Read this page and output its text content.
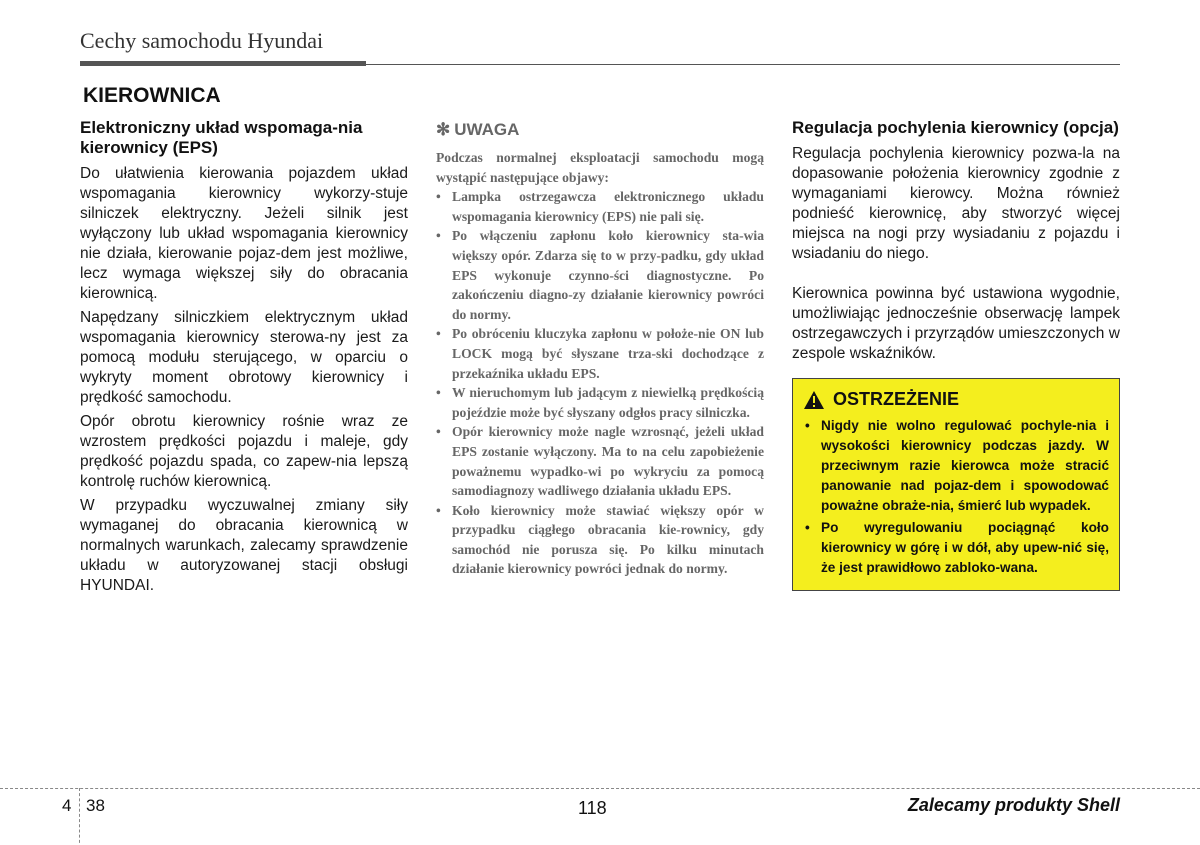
Cechy samochodu Hyundai
KIEROWNICA
Elektroniczny układ wspomaga-nia kierownicy (EPS)

Do ułatwienia kierowania pojazdem układ wspomagania kierownicy wykorzy-stuje silniczek elektryczny. Jeżeli silnik jest wyłączony lub układ wspomagania kierownicy nie działa, kierowanie pojaz-dem jest możliwe, lecz wymaga większej siły do obracania kierownicą.

Napędzany silniczkiem elektrycznym układ wspomagania kierownicy sterowa-ny jest za pomocą modułu sterującego, w oparciu o wykryty moment obrotowy kierownicy i prędkość samochodu.

Opór obrotu kierownicy rośnie wraz ze wzrostem prędkości pojazdu i maleje, gdy prędkość pojazdu spada, co zapew-nia lepszą kontrolę ruchów kierownicą.

W przypadku wyczuwalnej zmiany siły wymaganej do obracania kierownicą w normalnych warunkach, zalecamy sprawdzenie układu w autoryzowanej stacji obsługi HYUNDAI.

✻ UWAGA

Podczas normalnej eksploatacji samochodu mogą wystąpić następujące objawy:

• Lampka ostrzegawcza elektronicznego układu wspomagania kierownicy (EPS) nie pali się.
• Po włączeniu zapłonu koło kierownicy sta-wia większy opór. Zdarza się to w przy-padku, gdy układ EPS wykonuje czynno-ści diagnostyczne. Po zakończeniu diagno-zy działanie kierownicy powróci do normy.
• Po obróceniu kluczyka zapłonu w położe-nie ON lub LOCK mogą być słyszane trza-ski dochodzące z przekaźnika układu EPS.
• W nieruchomym lub jadącym z niewielką prędkością pojeździe może być słyszany odgłos pracy silniczka.
• Opór kierownicy może nagle wzrosnąć, jeżeli układ EPS zostanie wyłączony. Ma to na celu zapobieżenie poważnemu wypadko-wi po wykryciu za pomocą samodiagnozy wadliwego działania układu EPS.
• Koło kierownicy może stawiać większy opór w przypadku ciągłego obracania kie-rownicy, gdy samochód nie porusza się. Po kilku minutach działanie kierownicy powróci jednak do normy.
Regulacja pochylenia kierownicy (opcja)

Regulacja pochylenia kierownicy pozwa-la na dopasowanie położenia kierownicy zgodnie z wymaganiami kierowcy. Można również podnieść kierownicę, aby stworzyć więcej miejsca na nogi przy wysiadaniu z pojazdu i wsiadaniu do niego.

Kierownica powinna być ustawiona wygodnie, umożliwiając jednocześnie obserwację lampek ostrzegawczych i przyrządów umieszczonych w zespole wskaźników.

OSTRZEŻENIE
• Nigdy nie wolno regulować pochyle-nia i wysokości kierownicy podczas jazdy. W przeciwnym razie kierowca może stracić panowanie nad pojaz-dem i spowodować poważne obraże-nia, śmierć lub wypadek.
• Po wyregulowaniu pociągnąć koło kierownicy w górę i w dół, aby upew-nić się, że jest prawidłowo zabloko-wana.
4 38	118	Zalecamy produkty Shell
